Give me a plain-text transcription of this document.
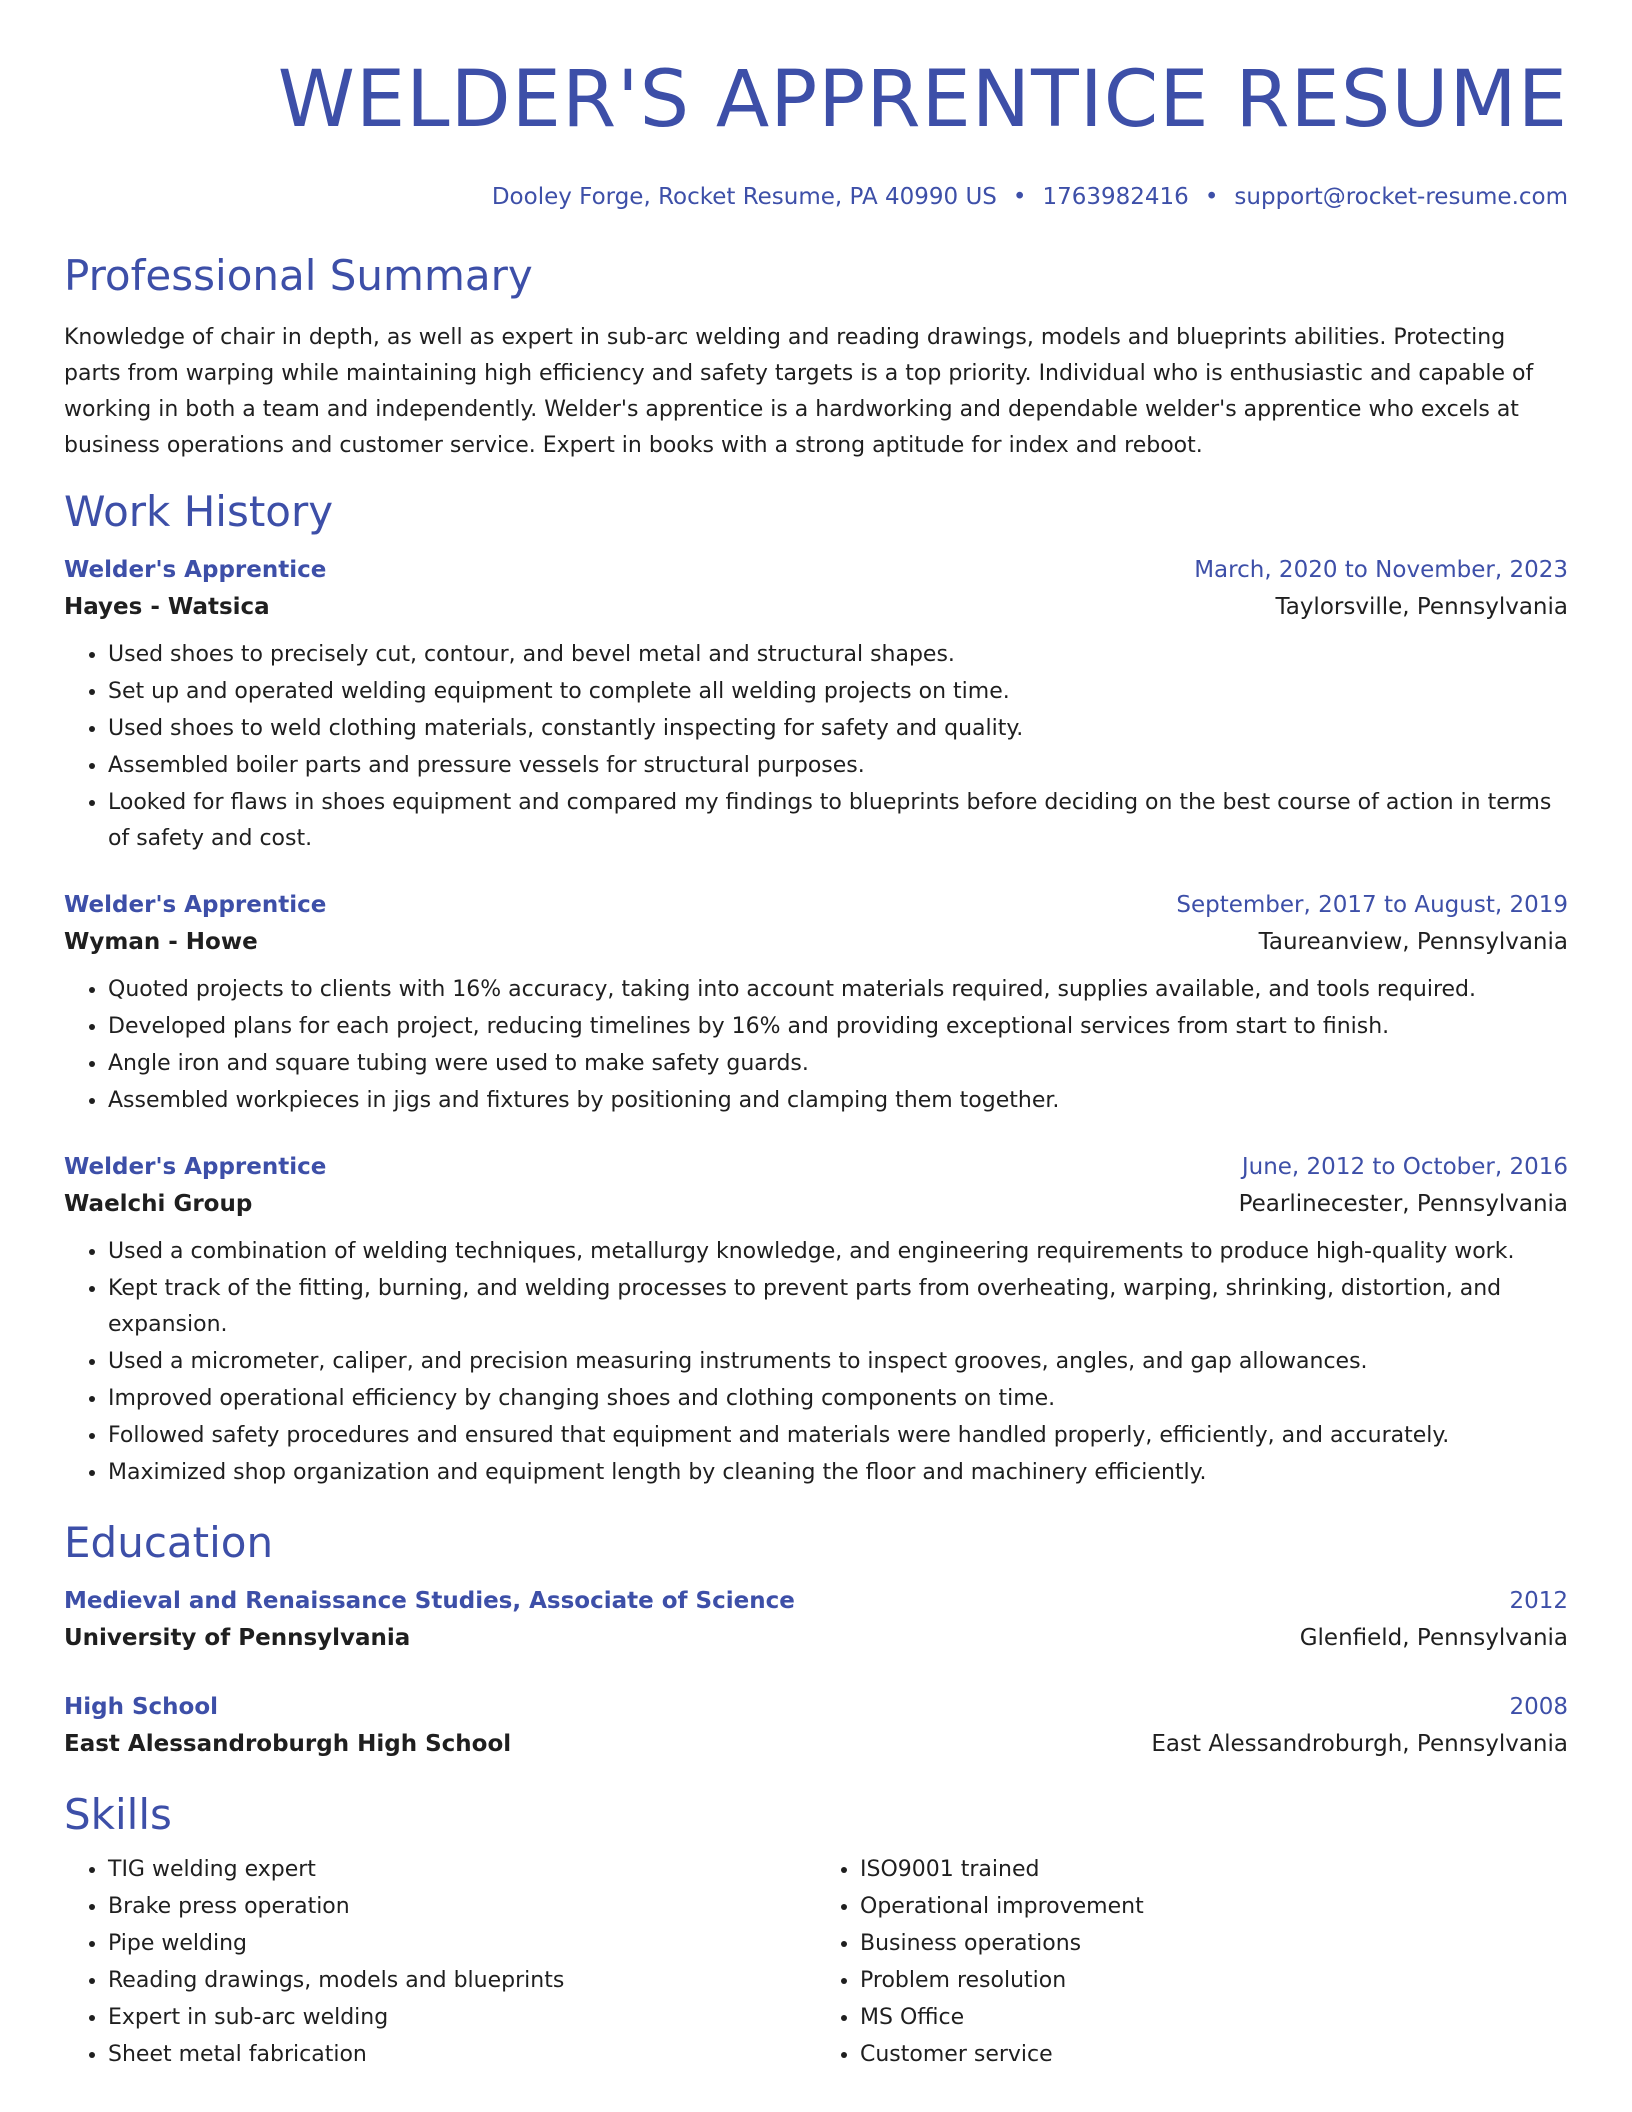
WELDER'S APPRENTICE RESUME
Dooley Forge, Rocket Resume, PA 40990 US • 1763982416 • support@rocket-resume.com
Professional Summary

Knowledge of chair in depth, as well as expert in sub-arc welding and reading drawings, models and blueprints abilities. Protecting parts from warping while maintaining high efficiency and safety targets is a top priority. Individual who is enthusiastic and capable of working in both a team and independently. Welder's apprentice is a hardworking and dependable welder's apprentice who excels at business operations and customer service. Expert in books with a strong aptitude for index and reboot.

Work History
Welder's Apprentice	March, 2020 to November, 2023
Hayes - Watsica	Taylorsville, Pennsylvania
• Used shoes to precisely cut, contour, and bevel metal and structural shapes.
• Set up and operated welding equipment to complete all welding projects on time.
• Used shoes to weld clothing materials, constantly inspecting for safety and quality.
• Assembled boiler parts and pressure vessels for structural purposes.
• Looked for flaws in shoes equipment and compared my findings to blueprints before deciding on the best course of action in terms of safety and cost.
Welder's Apprentice	September, 2017 to August, 2019
Wyman - Howe	Taureanview, Pennsylvania
• Quoted projects to clients with 16% accuracy, taking into account materials required, supplies available, and tools required.
• Developed plans for each project, reducing timelines by 16% and providing exceptional services from start to finish.
• Angle iron and square tubing were used to make safety guards.
• Assembled workpieces in jigs and fixtures by positioning and clamping them together.
Welder's Apprentice	June, 2012 to October, 2016
Waelchi Group	Pearlinecester, Pennsylvania
• Used a combination of welding techniques, metallurgy knowledge, and engineering requirements to produce high-quality work.
• Kept track of the fitting, burning, and welding processes to prevent parts from overheating, warping, shrinking, distortion, and expansion.
• Used a micrometer, caliper, and precision measuring instruments to inspect grooves, angles, and gap allowances.
• Improved operational efficiency by changing shoes and clothing components on time.
• Followed safety procedures and ensured that equipment and materials were handled properly, efficiently, and accurately.
• Maximized shop organization and equipment length by cleaning the floor and machinery efficiently.
Education
Medieval and Renaissance Studies, Associate of Science	2012
University of Pennsylvania	Glenfield, Pennsylvania
High School	2008
East Alessandroburgh High School	East Alessandroburgh, Pennsylvania
Skills
• TIG welding expert
• Brake press operation
• Pipe welding
• Reading drawings, models and blueprints
• Expert in sub-arc welding
• Sheet metal fabrication
• ISO9001 trained
• Operational improvement
• Business operations
• Problem resolution
• MS Office
• Customer service
